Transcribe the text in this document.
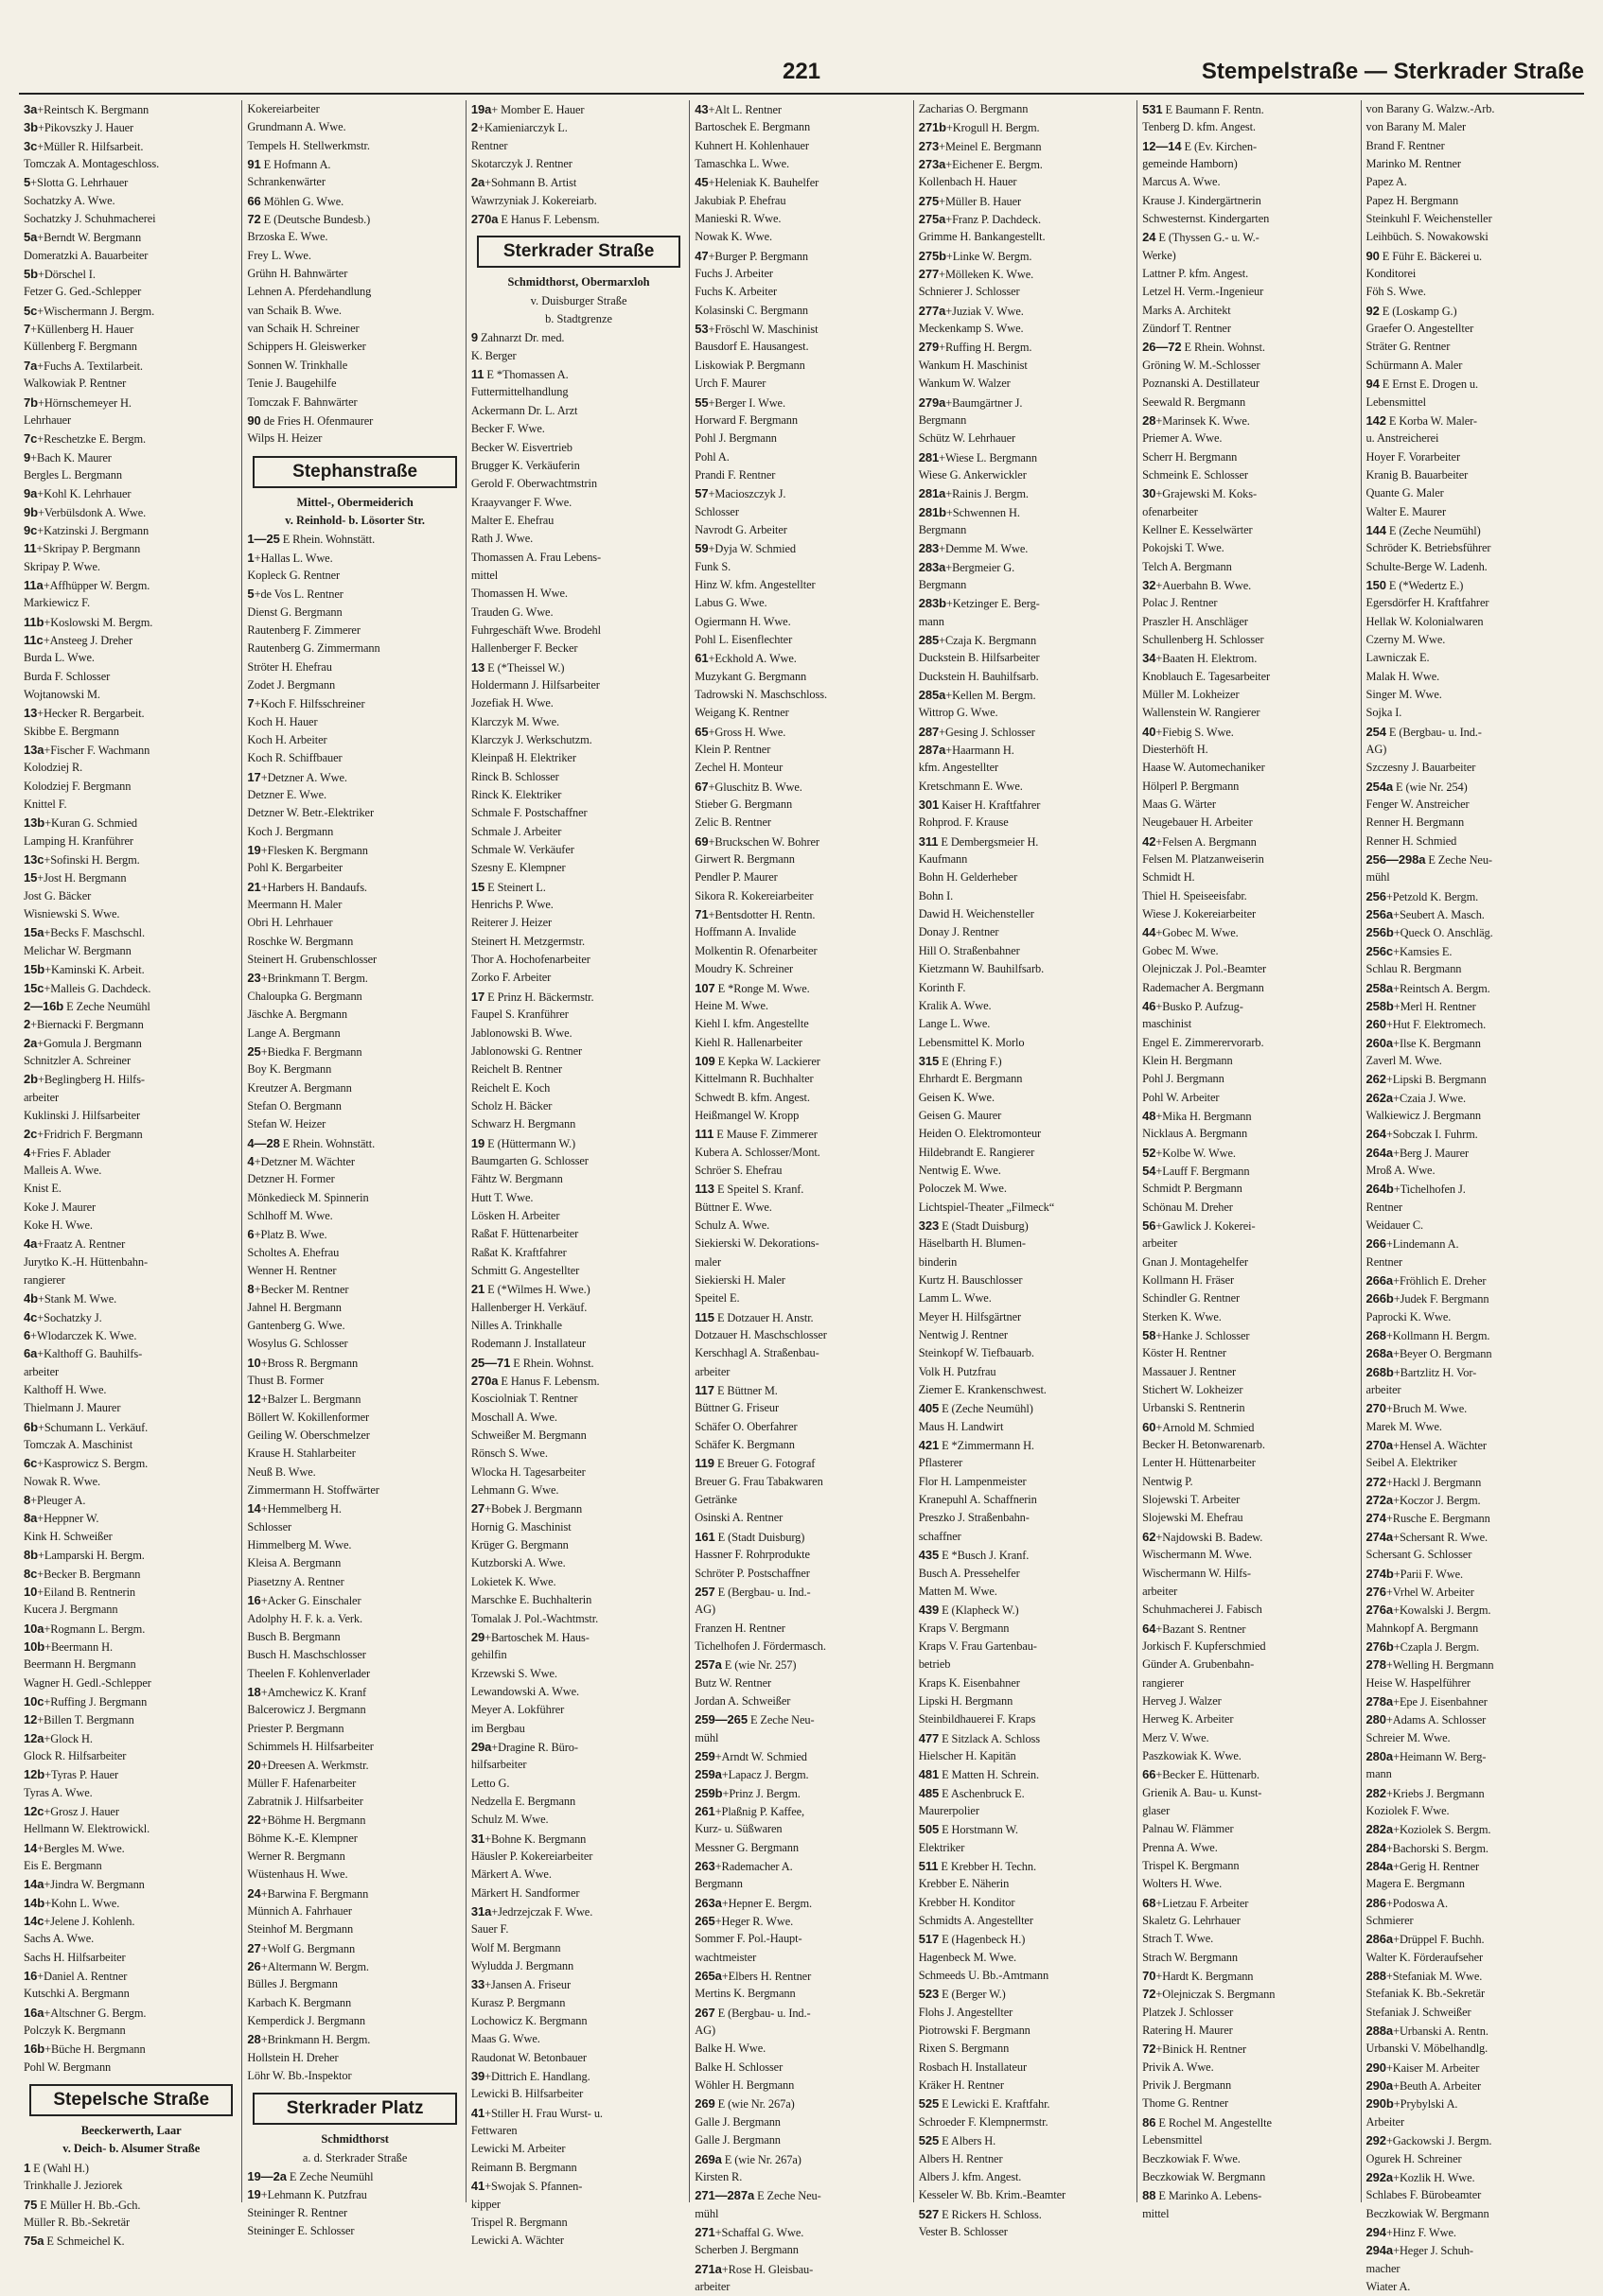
221	Stempelstraße — Sterkrader Straße
3a+Reintsch K. Bergmann
3b+Pikovszky J. Hauer
3c+Müller R. Hilfsarbeit.
Tomczak A. Montageschloss.
5+Slotta G. Lehrhauer
Sochatzky A. Wwe.
Sochatzky J. Schuhmacherei
5a+Berndt W. Bergmann
Domeratzki A. Bauarbeiter
5b+Dörschel I.
Fetzer G. Ged.-Schlepper
5c+Wischermann J. Bergm.
7+Küllenberg H. Hauer
Küllenberg F. Bergmann
7a+Fuchs A. Textilarbeit.
Walkowiak P. Rentner
7b+Hörnschemeyer H.
Lehrhauer
7c+Reschetzke E. Bergm.
9+Bach K. Maurer
Bergles L. Bergmann
9a+Kohl K. Lehrhauer
9b+Verbülsdonk A. Wwe.
9c+Katzinski J. Bergmann
11+Skripay P. Bergmann
Skripay P. Wwe.
11a+Affhüpper W. Bergm.
Markiewicz F.
11b+Koslowski M. Bergm.
11c+Ansteeg J. Dreher
Burda L. Wwe.
Burda F. Schlosser
Wojtanowski M.
13+Hecker R. Bergarbeit.
Skibbe E. Bergmann
13a+Fischer F. Wachmann
Kolodziej R.
Kolodziej F. Bergmann
Knittel F.
13b+Kuran G. Schmied
Lamping H. Kranführer
13c+Sofinski H. Bergm.
15+Jost H. Bergmann
Jost G. Bäcker
Wisniewski S. Wwe.
15a+Becks F. Maschschl.
Melichar W. Bergmann
15b+Kaminski K. Arbeit.
15c+Malleis G. Dachdeck.
2—16b E Zeche Neumühl
2+Biernacki F. Bergmann
2a+Gomula J. Bergmann
Schnitzler A. Schreiner
2b+Beglingberg H. Hilfs-
arbeiter
Kuklinski J. Hilfsarbeiter
2c+Fridrich F. Bergmann
4+Fries F. Ablader
Malleis A. Wwe.
Knist E.
Koke J. Maurer
Koke H. Wwe.
4a+Fraatz A. Rentner
Jurytko K.-H. Hüttenbahn-
rangierer
4b+Stank M. Wwe.
4c+Sochatzky J.
6+Wlodarczek K. Wwe.
6a+Kalthoff G. Bauhilfs-
arbeiter
Kalthoff H. Wwe.
Thielmann J. Maurer
6b+Schumann L. Verkäuf.
Tomczak A. Maschinist
6c+Kasprowicz S. Bergm.
Nowak R. Wwe.
8+Pleuger A.
8a+Heppner W.
Kink H. Schweißer
8b+Lamparski H. Bergm.
8c+Becker B. Bergmann
10+Eiland B. Rentnerin
Kucera J. Bergmann
10a+Rogmann L. Bergm.
10b+Beermann H.
Beermann H. Bergmann
Wagner H. Gedl.-Schlepper
10c+Ruffing J. Bergmann
12+Billen T. Bergmann
12a+Glock H.
Glock R. Hilfsarbeiter
12b+Tyras P. Hauer
Tyras A. Wwe.
12c+Grosz J. Hauer
Hellmann W. Elektrowickl.
14+Bergles M. Wwe.
Eis E. Bergmann
14a+Jindra W. Bergmann
14b+Kohn L. Wwe.
14c+Jelene J. Kohlenh.
Sachs A. Wwe.
Sachs H. Hilfsarbeiter
16+Daniel A. Rentner
Kutschki A. Bergmann
16a+Altschner G. Bergm.
Polczyk K. Bergmann
16b+Büche H. Bergmann
Pohl W. Bergmann
Stepelsche Straße
Beeckerwerth, Laar
v. Deich- b. Alsumer Straße
1 E (Wahl H.)
Trinkhalle J. Jeziorek
75 E Müller H. Bb.-Gch.
Müller R. Bb.-Sekretär
75a E Schmeichel K.
Kokereiarbeiter
Grundmann A. Wwe.
Tempels H. Stellwerkmstr.
91 E Hofmann A.
Schrankenwärter
66 Möhlen G. Wwe.
72 E (Deutsche Bundesb.)
Brzoska E. Wwe.
Frey L. Wwe.
Grühn H. Bahnwärter
Lehnen A. Pferdehandlung
van Schaik B. Wwe.
van Schaik H. Schreiner
Schippers H. Gleiswerker
Sonnen W. Trinkhalle
Tenie J. Baugehilfe
Tomczak F. Bahnwärter
90 de Fries H. Ofenmaurer
Wilps H. Heizer
Stephanstraße
Mittel-, Obermeiderich
v. Reinhold- b. Lösorter Str.
1—25 E Rhein. Wohnstätt.
1+Hallas L. Wwe.
Kopleck G. Rentner
5+de Vos L. Rentner
Dienst G. Bergmann
Rautenberg F. Zimmerer
Rautenberg G. Zimmermann
Ströter H. Ehefrau
Zodet J. Bergmann
7+Koch F. Hilfsschreiner
Koch H. Hauer
Koch H. Arbeiter
Koch R. Schiffbauer
17+Detzner A. Wwe.
Detzner E. Wwe.
Detzner W. Betr.-Elektriker
Koch J. Bergmann
19+Flesken K. Bergmann
Pohl K. Bergarbeiter
21+Harbers H. Bandaufs.
Meermann H. Maler
Obri H. Lehrhauer
Roschke W. Bergmann
Steinert H. Grubenschlosser
23+Brinkmann T. Bergm.
Chaloupka G. Bergmann
Jäschke A. Bergmann
Lange A. Bergmann
25+Biedka F. Bergmann
Boy K. Bergmann
Kreutzer A. Bergmann
Stefan O. Bergmann
Stefan W. Heizer
4—28 E Rhein. Wohnstätt.
4+Detzner M. Wächter
Detzner H. Former
Mönkedieck M. Spinnerin
Schlhoff M. Wwe.
6+Platz B. Wwe.
Scholtes A. Ehefrau
Wenner H. Rentner
8+Becker M. Rentner
Jahnel H. Bergmann
Gantenberg G. Wwe.
Wosylus G. Schlosser
10+Bross R. Bergmann
Thust B. Former
12+Balzer L. Bergmann
Böllert W. Kokillenformer
Geiling W. Oberschmelzer
Krause H. Stahlarbeiter
Neuß B. Wwe.
Zimmermann H. Stoffwärter
14+Hemmelberg H.
Schlosser
Himmelberg M. Wwe.
Kleisa A. Bergmann
Piasetzny A. Rentner
16+Acker G. Einschaler
Adolphy H. F. k. a. Verk.
Busch B. Bergmann
Busch H. Maschschlosser
Theelen F. Kohlenverlader
18+Amchewicz K. Kranf
Balcerowicz J. Bergmann
Priester P. Bergmann
Schimmels H. Hilfsarbeiter
20+Dreesen A. Werkmstr.
Müller F. Hafenarbeiter
Zabratnik J. Hilfsarbeiter
22+Böhme H. Bergmann
Böhme K.-E. Klempner
Werner R. Bergmann
Wüstenhaus H. Wwe.
24+Barwina F. Bergmann
Münnich A. Fahrhauer
Steinhof M. Bergmann
27+Wolf G. Bergmann
26+Altermann W. Bergm.
Bülles J. Bergmann
Karbach K. Bergmann
Kemperdick J. Bergmann
28+Brinkmann H. Bergm.
Hollstein H. Dreher
Löhr W. Bb.-Inspektor
Sterkrader Platz
Schmidthorst
a. d. Sterkrader Straße
19—2a E Zeche Neumühl
19+Lehmann K. Putzfrau
Steininger R. Rentner
Steininger E. Schlosser
19a+ Momber E. Hauer
2+Kamieniarczyk L.
Rentner
Skotarczyk J. Rentner
2a+Sohmann B. Artist
Wawrzyniak J. Kokereiarb.
270a E Hanus F. Lebensm.
Sterkrader Straße
Schmidthorst, Obermarxloh
v. Duisburger Straße
b. Stadtgrenze
9 Zahnarzt Dr. med.
K. Berger
11 E *Thomassen A.
Futtermittelhandlung
Ackermann Dr. L. Arzt
Becker F. Wwe.
Becker W. Eisvertrieb
Brugger K. Verkäuferin
Gerold F. Oberwachtmstrin
Kraayvanger F. Wwe.
Malter E. Ehefrau
Rath J. Wwe.
Thomassen A. Frau Lebens-
mittel
Thomassen H. Wwe.
Trauden G. Wwe.
Fuhrgeschäft Wwe. Brodehl
Hallenberger F. Becker
13 E (*Theissel W.)
Holdermann J. Hilfsarbeiter
Jozefiak H. Wwe.
Klarczyk M. Wwe.
Klarczyk J. Werkschutzm.
Kleinpaß H. Elektriker
Rinck B. Schlosser
Rinck K. Elektriker
Schmale F. Postschaffner
Schmale J. Arbeiter
Schmale W. Verkäufer
Szesny E. Klempner
15 E Steinert L.
Henrichs P. Wwe.
Reiterer J. Heizer
Steinert H. Metzgermstr.
Thor A. Hochofenarbeiter
Zorko F. Arbeiter
17 E Prinz H. Bäckermstr.
Faupel S. Kranführer
Jablonowski B. Wwe.
Jablonowski G. Rentner
Reichelt B. Rentner
Reichelt E. Koch
Scholz H. Bäcker
Schwarz H. Bergmann
19 E (Hüttermann W.)
Baumgarten G. Schlosser
Fähtz W. Bergmann
Hutt T. Wwe.
Lösken H. Arbeiter
Raßat F. Hüttenarbeiter
Raßat K. Kraftfahrer
Schmitt G. Angestellter
21 E (*Wilmes H. Wwe.)
Hallenberger H. Verkäuf.
Nilles A. Trinkhalle
Rodemann J. Installateur
25—71 E Rhein. Wohnst.
270a E Hanus F. Lebensm.
Kosciolniak T. Rentner
Moschall A. Wwe.
Schweißer M. Bergmann
Rönsch S. Wwe.
Wlocka H. Tagesarbeiter
Lehmann G. Wwe.
27+Bobek J. Bergmann
Hornig G. Maschinist
Krüger G. Bergmann
Kutzborski A. Wwe.
Lokietek K. Wwe.
Marschke E. Buchhalterin
Tomalak J. Pol.-Wachtmstr.
29+Bartoschek M. Haus-
gehilfin
Krzewski S. Wwe.
Lewandowski A. Wwe.
Meyer A. Lokführer
im Bergbau
29a+Dragine R. Büro-
hilfsarbeiter
Letto G.
Nedzella E. Bergmann
Schulz M. Wwe.
31+Bohne K. Bergmann
Häusler P. Kokereiarbeiter
Märkert A. Wwe.
Märkert H. Sandformer
31a+Jedrzejczak F. Wwe.
Sauer F.
Wolf M. Bergmann
Wyludda J. Bergmann
33+Jansen A. Friseur
Kurasz P. Bergmann
Lochowicz K. Bergmann
Maas G. Wwe.
Raudonat W. Betonbauer
39+Dittrich E. Handlang.
Lewicki B. Hilfsarbeiter
41+Stiller H. Frau Wurst- u.
Fettwaren
Lewicki M. Arbeiter
Reimann B. Bergmann
41+Swojak S. Pfannen-
kipper
Trispel R. Bergmann
Lewicki A. Wächter
43+Alt L. Rentner
Bartoschek E. Bergmann
Kuhnert H. Kohlenhauer
Tamaschka L. Wwe.
45+Heleniak K. Bauhelfer
Jakubiak P. Ehefrau
Manieski R. Wwe.
Nowak K. Wwe.
47+Burger P. Bergmann
Fuchs J. Arbeiter
Fuchs K. Arbeiter
Kolasinski C. Bergmann
53+Fröschl W. Maschinist
Bausdorf E. Hausangest.
Liskowiak P. Bergmann
Urch F. Maurer
55+Berger I. Wwe.
Horward F. Bergmann
Pohl J. Bergmann
Pohl A.
Prandi F. Rentner
57+Macioszczyk J.
Schlosser
Navrodt G. Arbeiter
59+Dyja W. Schmied
Funk S.
Hinz W. kfm. Angestellter
Labus G. Wwe.
Ogiermann H. Wwe.
Pohl L. Eisenflechter
61+Eckhold A. Wwe.
Muzykant G. Bergmann
Tadrowski N. Maschschloss.
Weigang K. Rentner
65+Gross H. Wwe.
Klein P. Rentner
Zechel H. Monteur
67+Gluschitz B. Wwe.
Stieber G. Bergmann
Zelic B. Rentner
69+Bruckschen W. Bohrer
Girwert R. Bergmann
Pendler P. Maurer
Sikora R. Kokereiarbeiter
71+Bentsdotter H. Rentn.
Hoffmann A. Invalide
Molkentin R. Ofenarbeiter
Moudry K. Schreiner
107 E *Ronge M. Wwe.
Heine M. Wwe.
Kiehl I. kfm. Angestellte
Kiehl R. Hallenarbeiter
109 E Kepka W. Lackierer
Kittelmann R. Buchhalter
Schwedt B. kfm. Angest.
Heißmangel W. Kropp
111 E Mause F. Zimmerer
Kubera A. Schlosser/Mont.
Schröer S. Ehefrau
113 E Speitel S. Kranf.
Büttner E. Wwe.
Schulz A. Wwe.
Siekierski W. Dekorations-
maler
Siekierski H. Maler
Speitel E.
115 E Dotzauer H. Anstr.
Dotzauer H. Maschschlosser
Kerschhagl A. Straßenbau-
arbeiter
117 E Büttner M.
Büttner G. Friseur
Schäfer O. Oberfahrer
Schäfer K. Bergmann
119 E Breuer G. Fotograf
Breuer G. Frau Tabakwaren
Getränke
Osinski A. Rentner
161 E (Stadt Duisburg)
Hassner F. Rohrprodukte
Schröter P. Postschaffner
257 E (Bergbau- u. Ind.-
AG)
Franzen H. Rentner
Tichelhofen J. Fördermasch.
257a E (wie Nr. 257)
Butz W. Rentner
Jordan A. Schweißer
259—265 E Zeche Neu-
mühl
259+Arndt W. Schmied
259a+Lapacz J. Bergm.
259b+Prinz J. Bergm.
261+Plaßnig P. Kaffee,
Kurz- u. Süßwaren
Messner G. Bergmann
263+Rademacher A.
Bergmann
263a+Hepner E. Bergm.
265+Heger R. Wwe.
Sommer F. Pol.-Haupt-
wachtmeister
265a+Elbers H. Rentner
Mertins K. Bergmann
267 E (Bergbau- u. Ind.-
AG)
Balke H. Wwe.
Balke H. Schlosser
Wöhler H. Bergmann
269 E (wie Nr. 267a)
Galle J. Bergmann
Galle J. Bergmann
269a E (wie Nr. 267a)
Kirsten R.
271—287a E Zeche Neu-
mühl
271+Schaffal G. Wwe.
Scherben J. Bergmann
271a+Rose H. Gleisbau-
arbeiter
Zacharias O. Bergmann
271b+Krogull H. Bergm.
273+Meinel E. Bergmann
273a+Eichener E. Bergm.
Kollenbach H. Hauer
275+Müller B. Hauer
275a+Franz P. Dachdeck.
Grimme H. Bankangestellt.
275b+Linke W. Bergm.
277+Mölleken K. Wwe.
Schnierer J. Schlosser
277a+Juziak V. Wwe.
Meckenkamp S. Wwe.
279+Ruffing H. Bergm.
Wankum H. Maschinist
Wankum W. Walzer
279a+Baumgärtner J.
Bergmann
Schütz W. Lehrhauer
281+Wiese L. Bergmann
Wiese G. Ankerwickler
281a+Rainis J. Bergm.
281b+Schwennen H.
Bergmann
283+Demme M. Wwe.
283a+Bergmeier G.
Bergmann
283b+Ketzinger E. Berg-
mann
285+Czaja K. Bergmann
Duckstein B. Hilfsarbeiter
Duckstein H. Bauhilfsarb.
285a+Kellen M. Bergm.
Wittrop G. Wwe.
287+Gesing J. Schlosser
287a+Haarmann H.
kfm. Angestellter
Kretschmann E. Wwe.
301 Kaiser H. Kraftfahrer
Rohprod. F. Krause
311 E Dembergsmeier H.
Kaufmann
Bohn H. Gelderheber
Bohn I.
Dawid H. Weichensteller
Donay J. Rentner
Hill O. Straßenbahner
Kietzmann W. Bauhilfsarb.
Korinth F.
Kralik A. Wwe.
Lange L. Wwe.
Lebensmittel K. Morlo
315 E (Ehring F.)
Ehrhardt E. Bergmann
Geisen K. Wwe.
Geisen G. Maurer
Heiden O. Elektromonteur
Hildebrandt E. Rangierer
Nentwig E. Wwe.
Poloczek M. Wwe.
Lichtspiel-Theater „Filmeck“
323 E (Stadt Duisburg)
Häselbarth H. Blumen-
binderin
Kurtz H. Bauschlosser
Lamm L. Wwe.
Meyer H. Hilfsgärtner
Nentwig J. Rentner
Steinkopf W. Tiefbauarb.
Volk H. Putzfrau
Ziemer E. Krankenschwest.
405 E (Zeche Neumühl)
Maus H. Landwirt
421 E *Zimmermann H.
Pflasterer
Flor H. Lampenmeister
Kranepuhl A. Schaffnerin
Preszko J. Straßenbahn-
schaffner
435 E *Busch J. Kranf.
Busch A. Pressehelfer
Matten M. Wwe.
439 E (Klapheck W.)
Kraps V. Bergmann
Kraps V. Frau Gartenbau-
betrieb
Kraps K. Eisenbahner
Lipski H. Bergmann
Steinbildhauerei F. Kraps
477 E Sitzlack A. Schloss
Hielscher H. Kapitän
481 E Matten H. Schrein.
485 E Aschenbruck E.
Maurerpolier
505 E Horstmann W.
Elektriker
511 E Krebber H. Techn.
Krebber E. Näherin
Krebber H. Konditor
Schmidts A. Angestellter
517 E (Hagenbeck H.)
Hagenbeck M. Wwe.
Schmeeds U. Bb.-Amtmann
523 E (Berger W.)
Flohs J. Angestellter
Piotrowski F. Bergmann
Rixen S. Bergmann
Rosbach H. Installateur
Kräker H. Rentner
525 E Lewicki E. Kraftfahr.
Schroeder F. Klempnermstr.
525 E Albers H.
Albers H. Rentner
Albers J. kfm. Angest.
Kesseler W. Bb. Krim.-Beamter
527 E Rickers H. Schloss.
Vester B. Schlosser
531 E Baumann F. Rentn.
Tenberg D. kfm. Angest.
12—14 E (Ev. Kirchen-
gemeinde Hamborn)
Marcus A. Wwe.
Krause J. Kindergärtnerin
Schwesternst. Kindergarten
24 E (Thyssen G.- u. W.-
Werke)
Lattner P. kfm. Angest.
Letzel H. Verm.-Ingenieur
Marks A. Architekt
Zündorf T. Rentner
26—72 E Rhein. Wohnst.
Gröning W. M.-Schlosser
Poznanski A. Destillateur
Seewald R. Bergmann
28+Marinsek K. Wwe.
Priemer A. Wwe.
Scherr H. Bergmann
Schmeink E. Schlosser
30+Grajewski M. Koks-
ofenarbeiter
Kellner E. Kesselwärter
Pokojski T. Wwe.
Telch A. Bergmann
32+Auerbahn B. Wwe.
Polac J. Rentner
Praszler H. Anschläger
Schullenberg H. Schlosser
34+Baaten H. Elektrom.
Knoblauch E. Tagesarbeiter
Müller M. Lokheizer
Wallenstein W. Rangierer
40+Fiebig S. Wwe.
Diesterhöft H.
Haase W. Automechaniker
Hölperl P. Bergmann
Maas G. Wärter
Neugebauer H. Arbeiter
42+Felsen A. Bergmann
Felsen M. Platzanweiserin
Schmidt H.
Thiel H. Speiseeisfabr.
Wiese J. Kokereiarbeiter
44+Gobec M. Wwe.
Gobec M. Wwe.
Olejniczak J. Pol.-Beamter
Rademacher A. Bergmann
46+Busko P. Aufzug-
maschinist
Engel E. Zimmerervorarb.
Klein H. Bergmann
Pohl J. Bergmann
Pohl W. Arbeiter
48+Mika H. Bergmann
Nicklaus A. Bergmann
52+Kolbe W. Wwe.
54+Lauff F. Bergmann
Schmidt P. Bergmann
Schönau M. Dreher
56+Gawlick J. Kokerei-
arbeiter
Gnan J. Montagehelfer
Kollmann H. Fräser
Schindler G. Rentner
Sterken K. Wwe.
58+Hanke J. Schlosser
Köster H. Rentner
Massauer J. Rentner
Stichert W. Lokheizer
Urbanski S. Rentnerin
60+Arnold M. Schmied
Becker H. Betonwarenarb.
Lenter H. Hüttenarbeiter
Nentwig P.
Slojewski T. Arbeiter
Slojewski M. Ehefrau
62+Najdowski B. Badew.
Wischermann M. Wwe.
Wischermann W. Hilfs-
arbeiter
Schuhmacherei J. Fabisch
64+Bazant S. Rentner
Jorkisch F. Kupferschmied
Günder A. Grubenbahn-
rangierer
Herveg J. Walzer
Herweg K. Arbeiter
Merz V. Wwe.
Paszkowiak K. Wwe.
66+Becker E. Hüttenarb.
Grienik A. Bau- u. Kunst-
glaser
Palnau W. Flämmer
Prenna A. Wwe.
Trispel K. Bergmann
Wolters H. Wwe.
68+Lietzau F. Arbeiter
Skaletz G. Lehrhauer
Strach T. Wwe.
Strach W. Bergmann
70+Hardt K. Bergmann
72+Olejniczak S. Bergmann
Platzek J. Schlosser
Ratering H. Maurer
72+Binick H. Rentner
Privik A. Wwe.
Privik J. Bergmann
Thome G. Rentner
86 E Rochel M. Angestellte
Lebensmittel
Beczkowiak F. Wwe.
Beczkowiak W. Bergmann
88 E Marinko A. Lebens-
mittel
von Barany G. Walzw.-Arb.
von Barany M. Maler
Brand F. Rentner
Marinko M. Rentner
Papez A.
Papez H. Bergmann
Steinkuhl F. Weichensteller
Leihbüch. S. Nowakowski
90 E Führ E. Bäckerei u.
Konditorei
Föh S. Wwe.
92 E (Loskamp G.)
Graefer O. Angestellter
Sträter G. Rentner
Schürmann A. Maler
94 E Ernst E. Drogen u.
Lebensmittel
142 E Korba W. Maler-
u. Anstreicherei
Hoyer F. Vorarbeiter
Kranig B. Bauarbeiter
Quante G. Maler
Walter E. Maurer
144 E (Zeche Neumühl)
Schröder K. Betriebsführer
Schulte-Berge W. Ladenh.
150 E (*Wedertz E.)
Egersdörfer H. Kraftfahrer
Hellak W. Kolonialwaren
Czerny M. Wwe.
Lawniczak E.
Malak H. Wwe.
Singer M. Wwe.
Sojka I.
254 E (Bergbau- u. Ind.-
AG)
Szczesny J. Bauarbeiter
254a E (wie Nr. 254)
Fenger W. Anstreicher
Renner H. Bergmann
Renner H. Schmied
256—298a E Zeche Neu-
mühl
256+Petzold K. Bergm.
256a+Seubert A. Masch.
256b+Queck O. Anschläg.
256c+Kamsies E.
Schlau R. Bergmann
258a+Reintsch A. Bergm.
258b+Merl H. Rentner
260+Hut F. Elektromech.
260a+Ilse K. Bergmann
Zaverl M. Wwe.
262+Lipski B. Bergmann
262a+Czaia J. Wwe.
Walkiewicz J. Bergmann
264+Sobczak I. Fuhrm.
264a+Berg J. Maurer
Mroß A. Wwe.
264b+Tichelhofen J.
Rentner
Weidauer C.
266+Lindemann A.
Rentner
266a+Fröhlich E. Dreher
266b+Judek F. Bergmann
Paprocki K. Wwe.
268+Kollmann H. Bergm.
268a+Beyer O. Bergmann
268b+Bartzlitz H. Vor-
arbeiter
270+Bruch M. Wwe.
Marek M. Wwe.
270a+Hensel A. Wächter
Seibel A. Elektriker
272+Hackl J. Bergmann
272a+Koczor J. Bergm.
274+Rusche E. Bergmann
274a+Schersant R. Wwe.
Schersant G. Schlosser
274b+Parii F. Wwe.
276+Vrhel W. Arbeiter
276a+Kowalski J. Bergm.
Mahnkopf A. Bergmann
276b+Czapla J. Bergm.
278+Welling H. Bergmann
Heise W. Haspelführer
278a+Epe J. Eisenbahner
280+Adams A. Schlosser
Schreier M. Wwe.
280a+Heimann W. Berg-
mann
282+Kriebs J. Bergmann
Koziolek F. Wwe.
282a+Koziolek S. Bergm.
284+Bachorski S. Bergm.
284a+Gerig H. Rentner
Magera E. Bergmann
286+Podoswa A.
Schmierer
286a+Drüppel F. Buchh.
Walter K. Förderaufseher
288+Stefaniak M. Wwe.
Stefaniak K. Bb.-Sekretär
Stefaniak J. Schweißer
288a+Urbanski A. Rentn.
Urbanski V. Möbelhandlg.
290+Kaiser M. Arbeiter
290a+Beuth A. Arbeiter
290b+Prybylski A.
Arbeiter
292+Gackowski J. Bergm.
Ogurek H. Schreiner
292a+Kozlik H. Wwe.
Schlabes F. Bürobeamter
Beczkowiak W. Bergmann
294+Hinz F. Wwe.
294a+Heger J. Schuh-
macher
Wiater A.
